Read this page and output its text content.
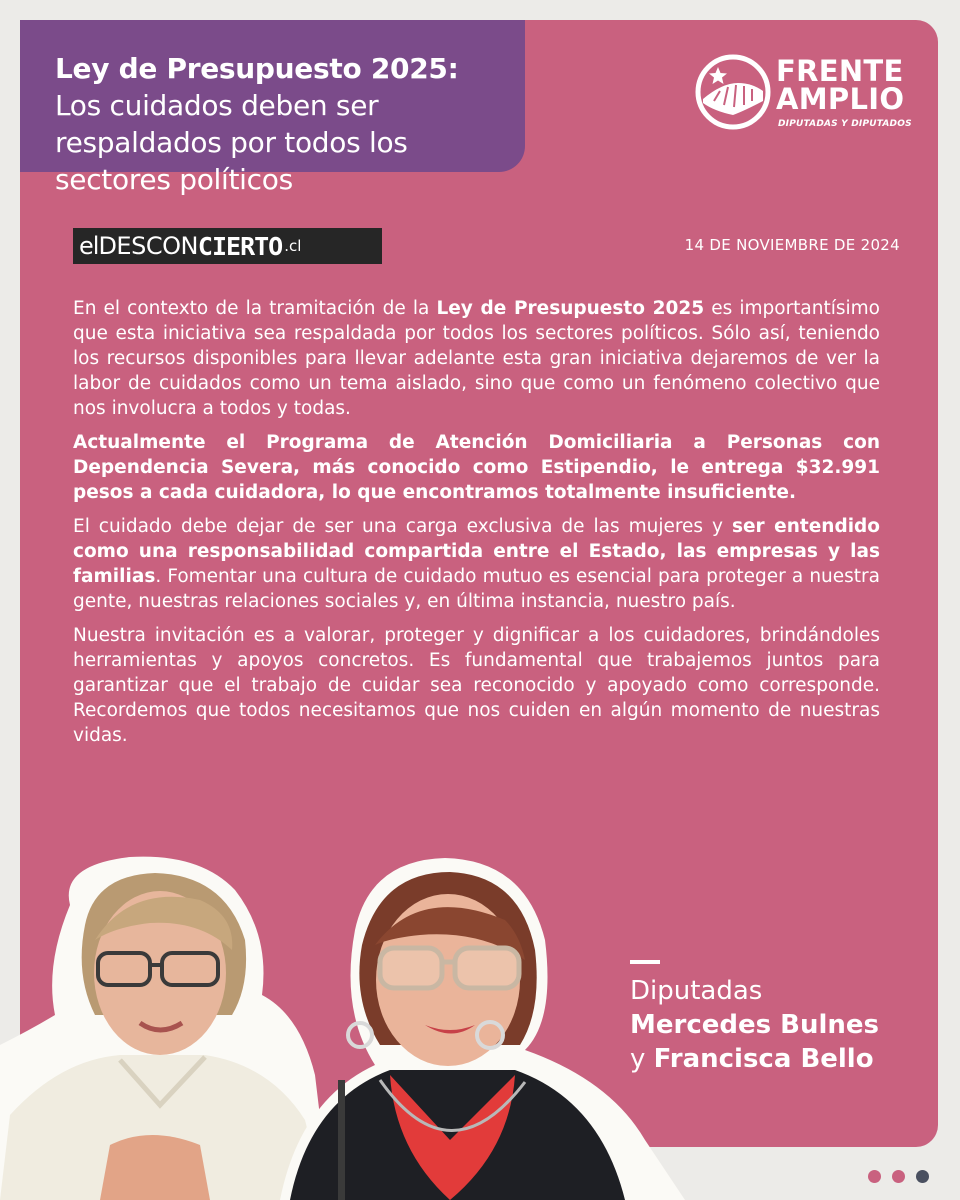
Ley de Presupuesto 2025: Los cuidados deben ser respaldados por todos los sectores políticos
FRENTE
AMPLIO
DIPUTADAS Y DIPUTADOS
el DESCON CIERTO .cl	14 DE NOVIEMBRE DE 2024

En el contexto de la tramitación de la Ley de Presupuesto 2025 es importantísimo que esta iniciativa sea respaldada por todos los sectores políticos. Sólo así, teniendo los recursos disponibles para llevar adelante esta gran iniciativa dejaremos de ver la labor de cuidados como un tema aislado, sino que como un fenómeno colectivo que nos involucra a todos y todas.

Actualmente el Programa de Atención Domiciliaria a Personas con Dependencia Severa, más conocido como Estipendio, le entrega $32.991 pesos a cada cuidadora, lo que encontramos totalmente insuficiente.

El cuidado debe dejar de ser una carga exclusiva de las mujeres y ser entendido como una responsabilidad compartida entre el Estado, las empresas y las familias. Fomentar una cultura de cuidado mutuo es esencial para proteger a nuestra gente, nuestras relaciones sociales y, en última instancia, nuestro país.

Nuestra invitación es a valorar, proteger y dignificar a los cuidadores, brindándoles herramientas y apoyos concretos. Es fundamental que trabajemos juntos para garantizar que el trabajo de cuidar sea reconocido y apoyado como corresponde. Recordemos que todos necesitamos que nos cuiden en algún momento de nuestras vidas.

Diputadas
Mercedes Bulnes
y Francisca Bello
